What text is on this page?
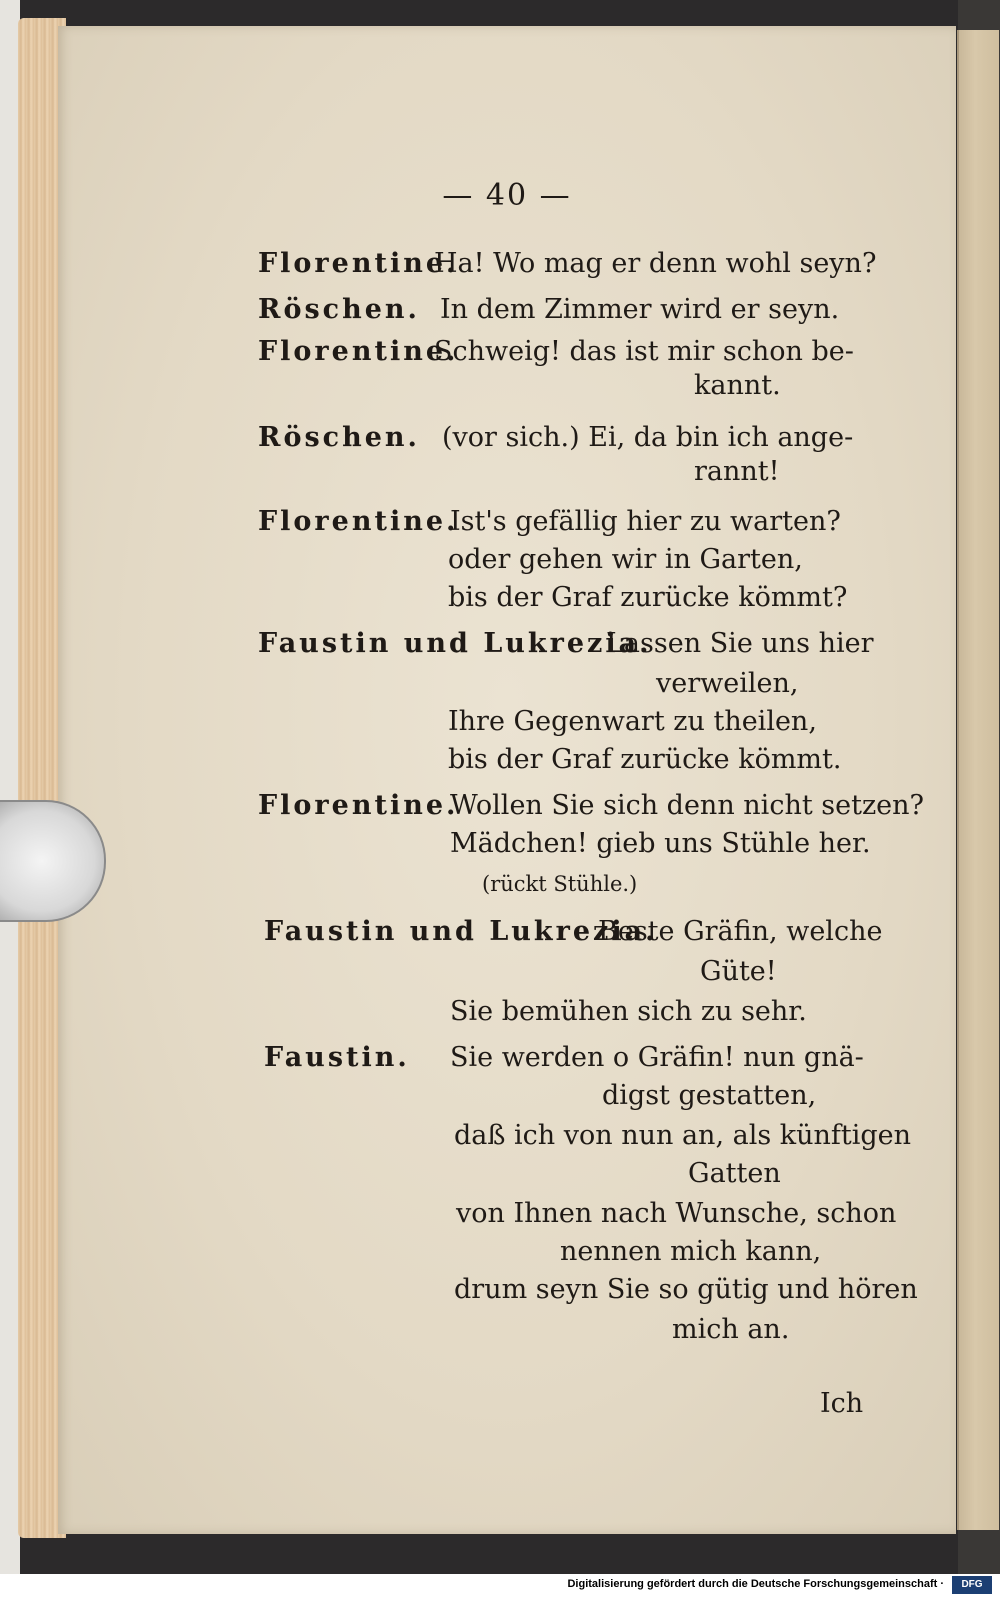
— 40 —
Florentine.
Ha! Wo mag er denn wohl seyn?
Röschen. In dem Zimmer wird er seyn.
Florentine.
Schweig! das ist mir schon be-
kannt.
Röschen. (vor sich.) Ei, da bin ich ange-
rannt!
Florentine.
Ist's gefällig hier zu warten?
oder gehen wir in Garten,
bis der Graf zurücke kömmt?
Faustin und Lukrezia.
Lassen Sie uns hier
verweilen,
Ihre Gegenwart zu theilen,
bis der Graf zurücke kömmt.
Florentine.
Wollen Sie sich denn nicht setzen?
Mädchen! gieb uns Stühle her.
(rückt Stühle.)
Faustin und Lukrezia.
Beste Gräfin, welche
Güte!
Sie bemühen sich zu sehr.
Faustin. Sie werden o Gräfin! nun gnä-
digst gestatten,
daß ich von nun an, als künftigen
Gatten
von Ihnen nach Wunsche, schon
nennen mich kann,
drum seyn Sie so gütig und hören
mich an.
Ich
Digitalisierung gefördert durch die Deutsche Forschungsgemeinschaft ·	DFG
